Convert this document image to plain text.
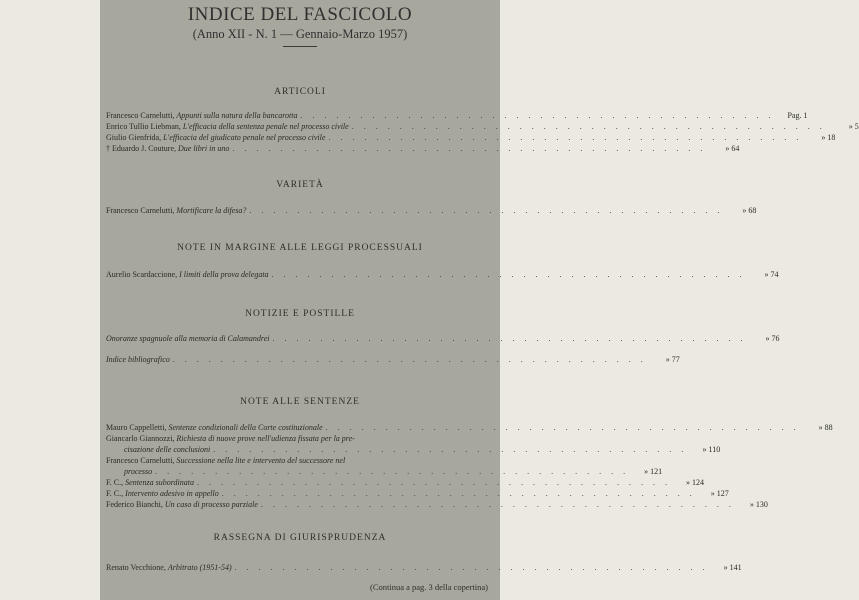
INDICE DEL FASCICOLO
(Anno XII - N. 1 — Gennaio-Marzo 1957)
ARTICOLI
Francesco Carnelutti, Appunti sulla natura della bancarotta . . . . . . . . . . . . . . . . . . . . . . . . . . . . . . . . . . . . . . . .	Pag. 1
Enrico Tullio Liebman, L'efficacia della sentenza penale nel processo civile . . . . . . . . . . . . . . . . . . . . . . . . . . . . . . . . . . . . . . . .	» 5
Giulio Gienfrida, L'efficacia del giudicato penale nel processo civile . . . . . . . . . . . . . . . . . . . . . . . . . . . . . . . . . . . . . . . .	» 18
† Eduardo J. Couture, Due libri in uno . . . . . . . . . . . . . . . . . . . . . . . . . . . . . . . . . . . . . . . .	» 64
VARIETÀ
Francesco Carnelutti, Mortificare la difesa? . . . . . . . . . . . . . . . . . . . . . . . . . . . . . . . . . . . . . . . .	» 68
NOTE IN MARGINE ALLE LEGGI PROCESSUALI
Aurelio Scardaccione, I limiti della prova delegata . . . . . . . . . . . . . . . . . . . . . . . . . . . . . . . . . . . . . . . .	» 74
NOTIZIE E POSTILLE
Onoranze spagnuole alla memoria di Calamandrei . . . . . . . . . . . . . . . . . . . . . . . . . . . . . . . . . . . . . . . .	» 76
Indice bibliografico . . . . . . . . . . . . . . . . . . . . . . . . . . . . . . . . . . . . . . . .	» 77
NOTE ALLE SENTENZE
Mauro Cappelletti, Sentenze condizionali della Corte costituzionale . . . . . . . . . . . . . . . . . . . . . . . . . . . . . . . . . . . . . . . .	» 88
Giancarlo Giannozzi, Richiesta di nuove prove nell'udienza fissata per la pre-
cisazione delle conclusioni . . . . . . . . . . . . . . . . . . . . . . . . . . . . . . . . . . . . . . . .	» 110
Francesco Carnelutti, Successione nella lite e intervento del successore nel
processo . . . . . . . . . . . . . . . . . . . . . . . . . . . . . . . . . . . . . . . .	» 121
F. C., Sentenza subordinata . . . . . . . . . . . . . . . . . . . . . . . . . . . . . . . . . . . . . . . .	» 124
F. C., Intervento adesivo in appello . . . . . . . . . . . . . . . . . . . . . . . . . . . . . . . . . . . . . . . .	» 127
Federico Bianchi, Un caso di processo parziale . . . . . . . . . . . . . . . . . . . . . . . . . . . . . . . . . . . . . . . .	» 130
RASSEGNA DI GIURISPRUDENZA
Renato Vecchione, Arbitrato (1951-54) . . . . . . . . . . . . . . . . . . . . . . . . . . . . . . . . . . . . . . . .	» 141
(Continua a pag. 3 della copertina)
